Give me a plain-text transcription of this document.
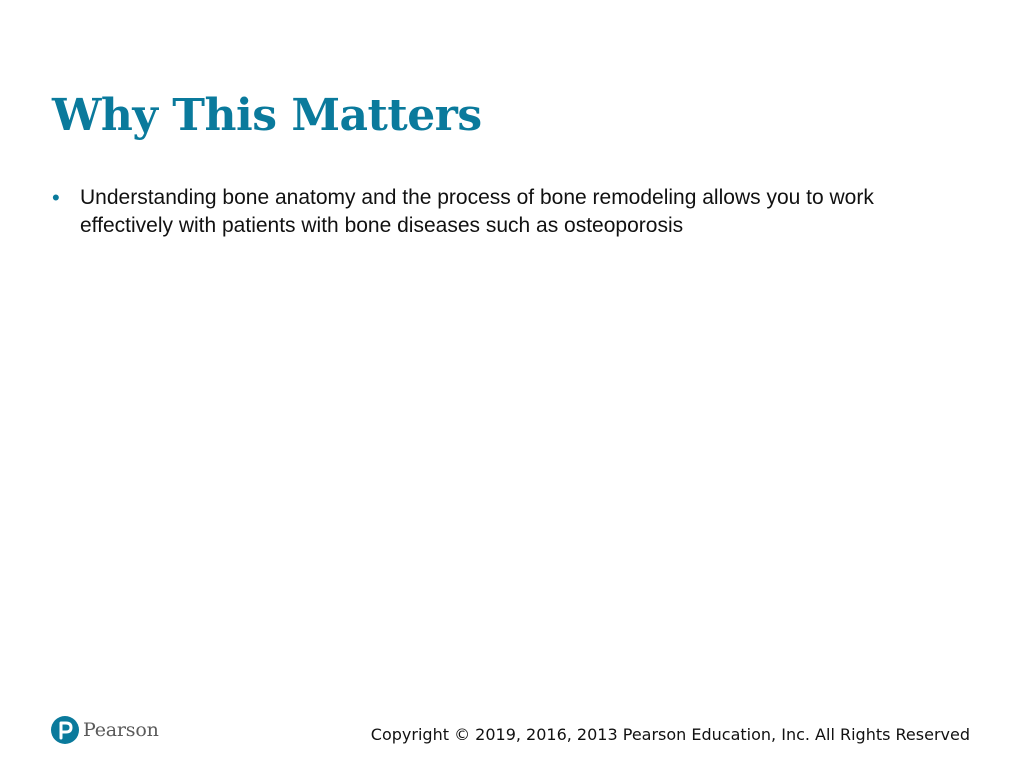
Why This Matters
• Understanding bone anatomy and the process of bone remodeling allows you to work effectively with patients with bone diseases such as osteoporosis
Pearson	Copyright © 2019, 2016, 2013 Pearson Education, Inc. All Rights Reserved
